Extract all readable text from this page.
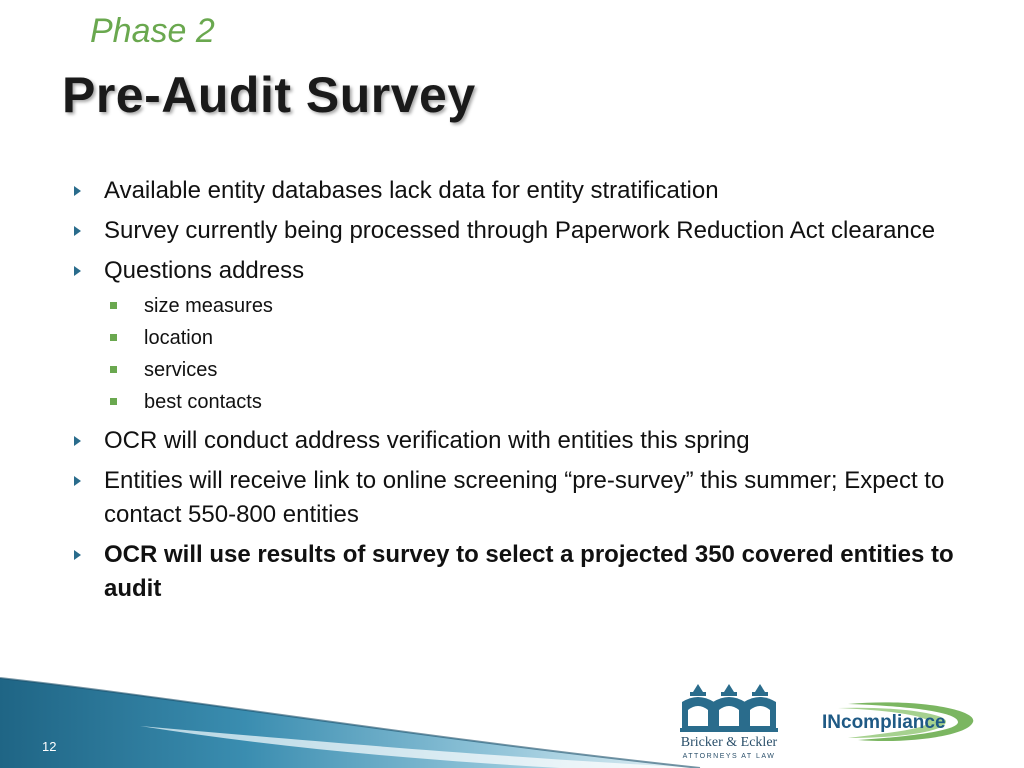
Phase 2
Pre-Audit Survey
Available entity databases lack data for entity stratification
Survey currently being processed through Paperwork Reduction Act clearance
Questions address
size measures
location
services
best contacts
OCR will conduct address verification with entities this spring
Entities will receive link to online screening “pre-survey” this summer; Expect to contact 550-800 entities
OCR will use results of survey to select a projected 350 covered entities to audit
12	Bricker & Eckler
ATTORNEYS AT LAW
INcompliance
